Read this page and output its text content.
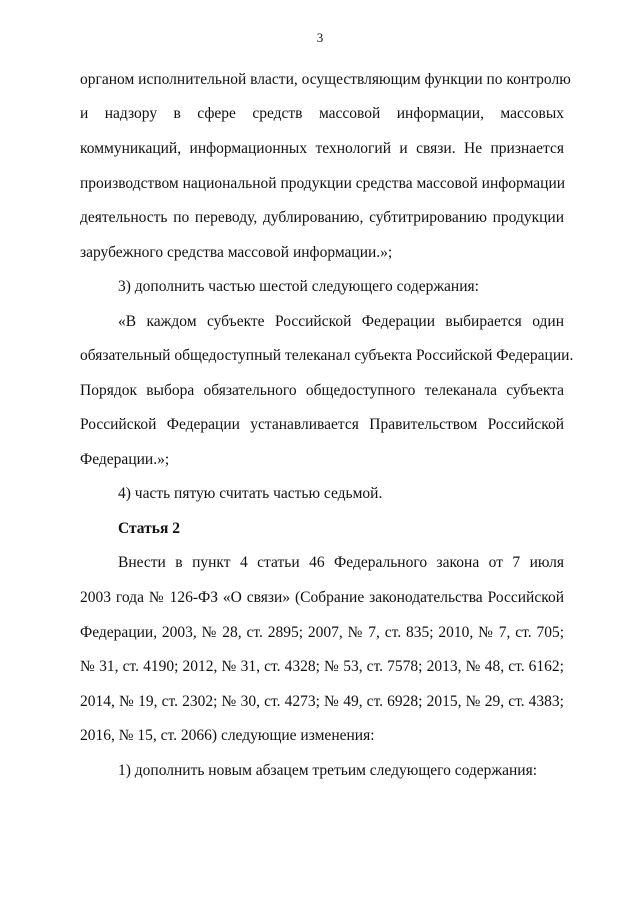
3
органом исполнительной власти, осуществляющим функции по контролю
и надзору в сфере средств массовой информации, массовых
коммуникаций, информационных технологий и связи. Не признается
производством национальной продукции средства массовой информации
деятельность по переводу, дублированию, субтитрированию продукции
зарубежного средства массовой информации.»;
3) дополнить частью шестой следующего содержания:
«В каждом субъекте Российской Федерации выбирается один
обязательный общедоступный телеканал субъекта Российской Федерации.
Порядок выбора обязательного общедоступного телеканала субъекта
Российской Федерации устанавливается Правительством Российской
Федерации.»;
4) часть пятую считать частью седьмой.
Статья 2
Внести в пункт 4 статьи 46 Федерального закона от 7 июля
2003 года № 126-ФЗ «О связи» (Собрание законодательства Российской
Федерации, 2003, № 28, ст. 2895; 2007, № 7, ст. 835; 2010, № 7, ст. 705;
№ 31, ст. 4190; 2012, № 31, ст. 4328; № 53, ст. 7578; 2013, № 48, ст. 6162;
2014, № 19, ст. 2302; № 30, ст. 4273; № 49, ст. 6928; 2015, № 29, ст. 4383;
2016, № 15, ст. 2066) следующие изменения:
1) дополнить новым абзацем третьим следующего содержания:
